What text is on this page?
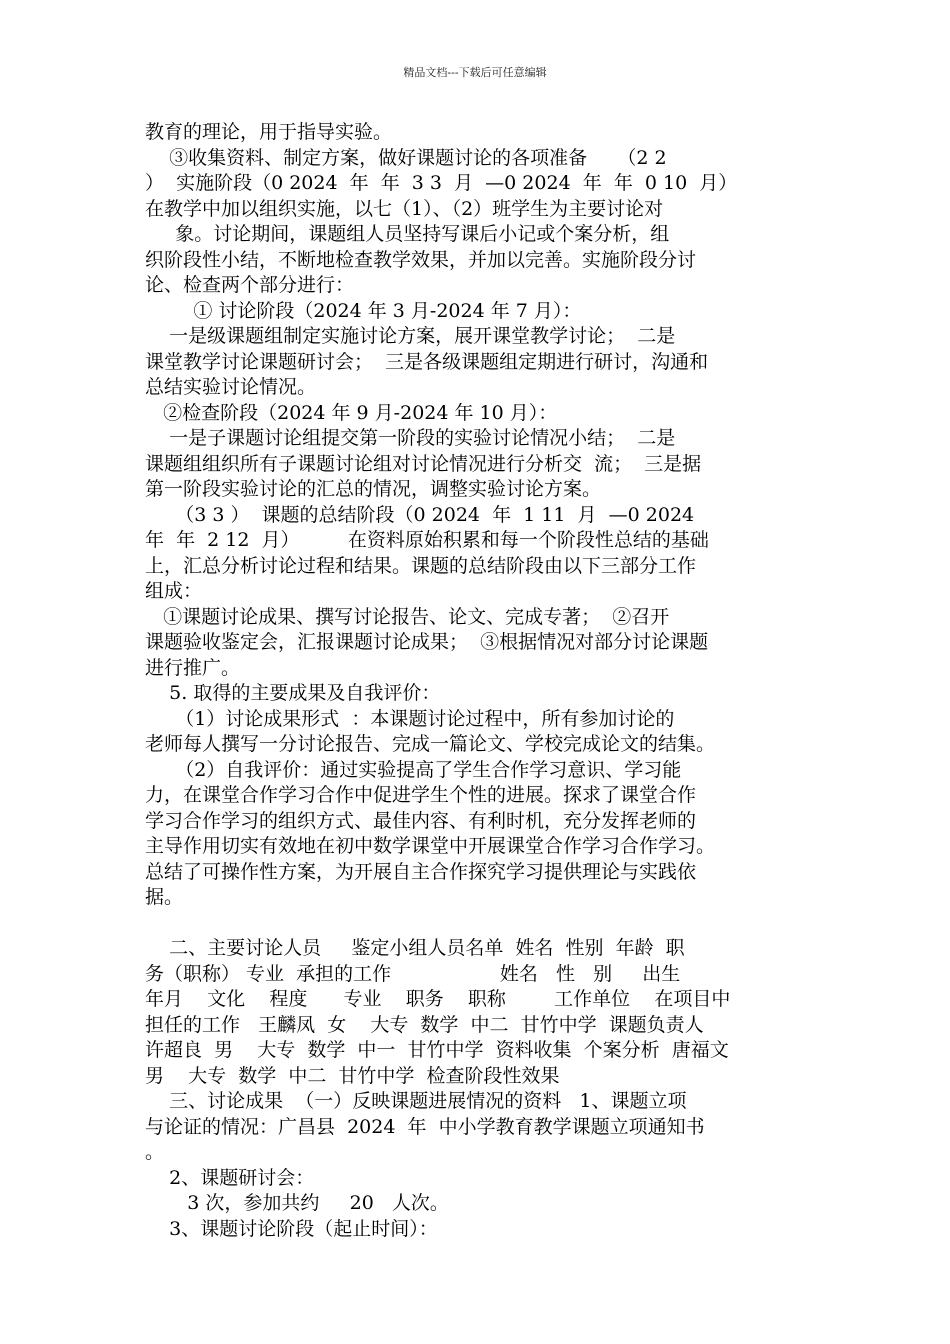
精品文档---下载后可任意编辑
教育的理论，用于指导实验。
③收集资料、制定方案，做好课题讨论的各项准备     （2 2
）  实施阶段（0 2024  年  年  3 3  月  —0 2024  年  年  0 10  月）
在教学中加以组织实施，以七（1）、（2）班学生为主要讨论对
象。讨论期间，课题组人员坚持写课后小记或个案分析，组
织阶段性小结，不断地检查教学效果，并加以完善。实施阶段分讨
论、检查两个部分进行：
① 讨论阶段（2024 年 3 月-2024 年 7 月）：
一是级课题组制定实施讨论方案，展开课堂教学讨论；  二是
课堂教学讨论课题研讨会；  三是各级课题组定期进行研讨，沟通和
总结实验讨论情况。
②检查阶段（2024 年 9 月-2024 年 10 月）：
一是子课题讨论组提交第一阶段的实验讨论情况小结；  二是
课题组组织所有子课题讨论组对讨论情况进行分析交  流；  三是据
第一阶段实验讨论的汇总的情况，调整实验讨论方案。
（3 3 ）  课题的总结阶段（0 2024  年  1 11  月  —0 2024
年  年  2 12  月）        在资料原始积累和每一个阶段性总结的基础
上，汇总分析讨论过程和结果。课题的总结阶段由以下三部分工作
组成：
①课题讨论成果、撰写讨论报告、论文、完成专著；  ②召开
课题验收鉴定会，汇报课题讨论成果；  ③根据情况对部分讨论课题
进行推广。
5. 取得的主要成果及自我评价：
（1）讨论成果形式  ：本课题讨论过程中，所有参加讨论的
老师每人撰写一分讨论报告、完成一篇论文、学校完成论文的结集。
（2）自我评价：通过实验提高了学生合作学习意识、学习能
力，在课堂合作学习合作中促进学生个性的进展。探求了课堂合作
学习合作学习的组织方式、最佳内容、有利时机，充分发挥老师的
主导作用切实有效地在初中数学课堂中开展课堂合作学习合作学习。
总结了可操作性方案，为开展自主合作探究学习提供理论与实践依
据。
二、主要讨论人员     鉴定小组人员名单  姓名  性别  年龄  职
务（职称） 专业  承担的工作                  姓名   性   别     出生
年月    文化    程度      专业    职务    职称        工作单位    在项目中
担任的工作   王麟凤  女    大专  数学  中二  甘竹中学  课题负责人
许超良  男    大专  数学  中一  甘竹中学  资料收集  个案分析  唐福文
男    大专  数学  中二  甘竹中学  检查阶段性效果
三、讨论成果  （一）反映课题进展情况的资料   1、课题立项
与论证的情况：广昌县  2024  年  中小学教育教学课题立项通知书
。
2、课题研讨会：
3 次，参加共约     20   人次。
3、课题讨论阶段（起止时间）：
